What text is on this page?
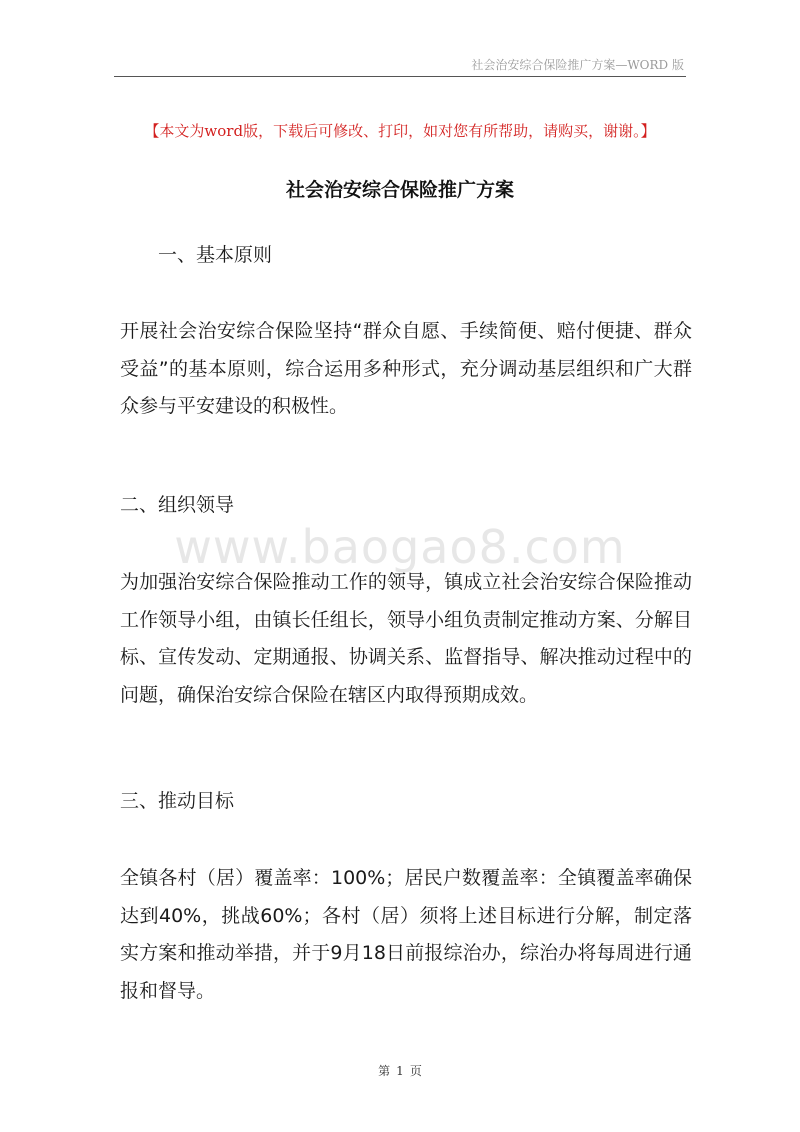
社会治安综合保险推广方案—WORD 版
【本文为word版，下载后可修改、打印，如对您有所帮助，请购买，谢谢。】
社会治安综合保险推广方案
一、基本原则
开展社会治安综合保险坚持“群众自愿、手续简便、赔付便捷、群众受益”的基本原则，综合运用多种形式，充分调动基层组织和广大群众参与平安建设的积极性。
二、组织领导
www.baogao8.com
为加强治安综合保险推动工作的领导，镇成立社会治安综合保险推动工作领导小组，由镇长任组长，领导小组负责制定推动方案、分解目标、宣传发动、定期通报、协调关系、监督指导、解决推动过程中的问题，确保治安综合保险在辖区内取得预期成效。
三、推动目标
全镇各村（居）覆盖率：100%；居民户数覆盖率：全镇覆盖率确保达到40%，挑战60%；各村（居）须将上述目标进行分解，制定落实方案和推动举措，并于9月18日前报综治办，综治办将每周进行通报和督导。
第 1 页
